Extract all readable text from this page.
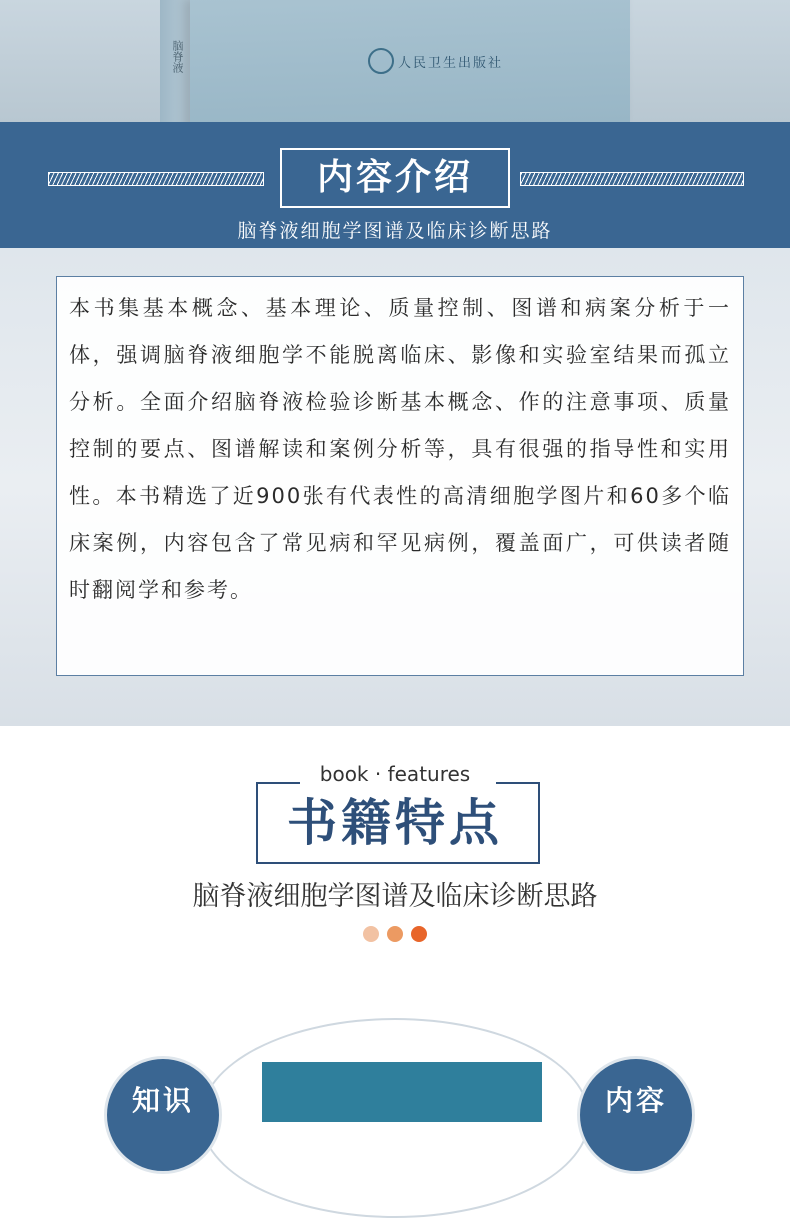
脑脊液	人民卫生出版社
内容介绍
脑脊液细胞学图谱及临床诊断思路
本书集基本概念、基本理论、质量控制、图谱和病案分析于一体，强调脑脊液细胞学不能脱离临床、影像和实验室结果而孤立分析。全面介绍脑脊液检验诊断基本概念、作的注意事项、质量控制的要点、图谱解读和案例分析等，具有很强的指导性和实用性。本书精选了近900张有代表性的高清细胞学图片和60多个临床案例，内容包含了常见病和罕见病例，覆盖面广，可供读者随时翻阅学和参考。
book · features
书籍特点
脑脊液细胞学图谱及临床诊断思路
知识	内容
